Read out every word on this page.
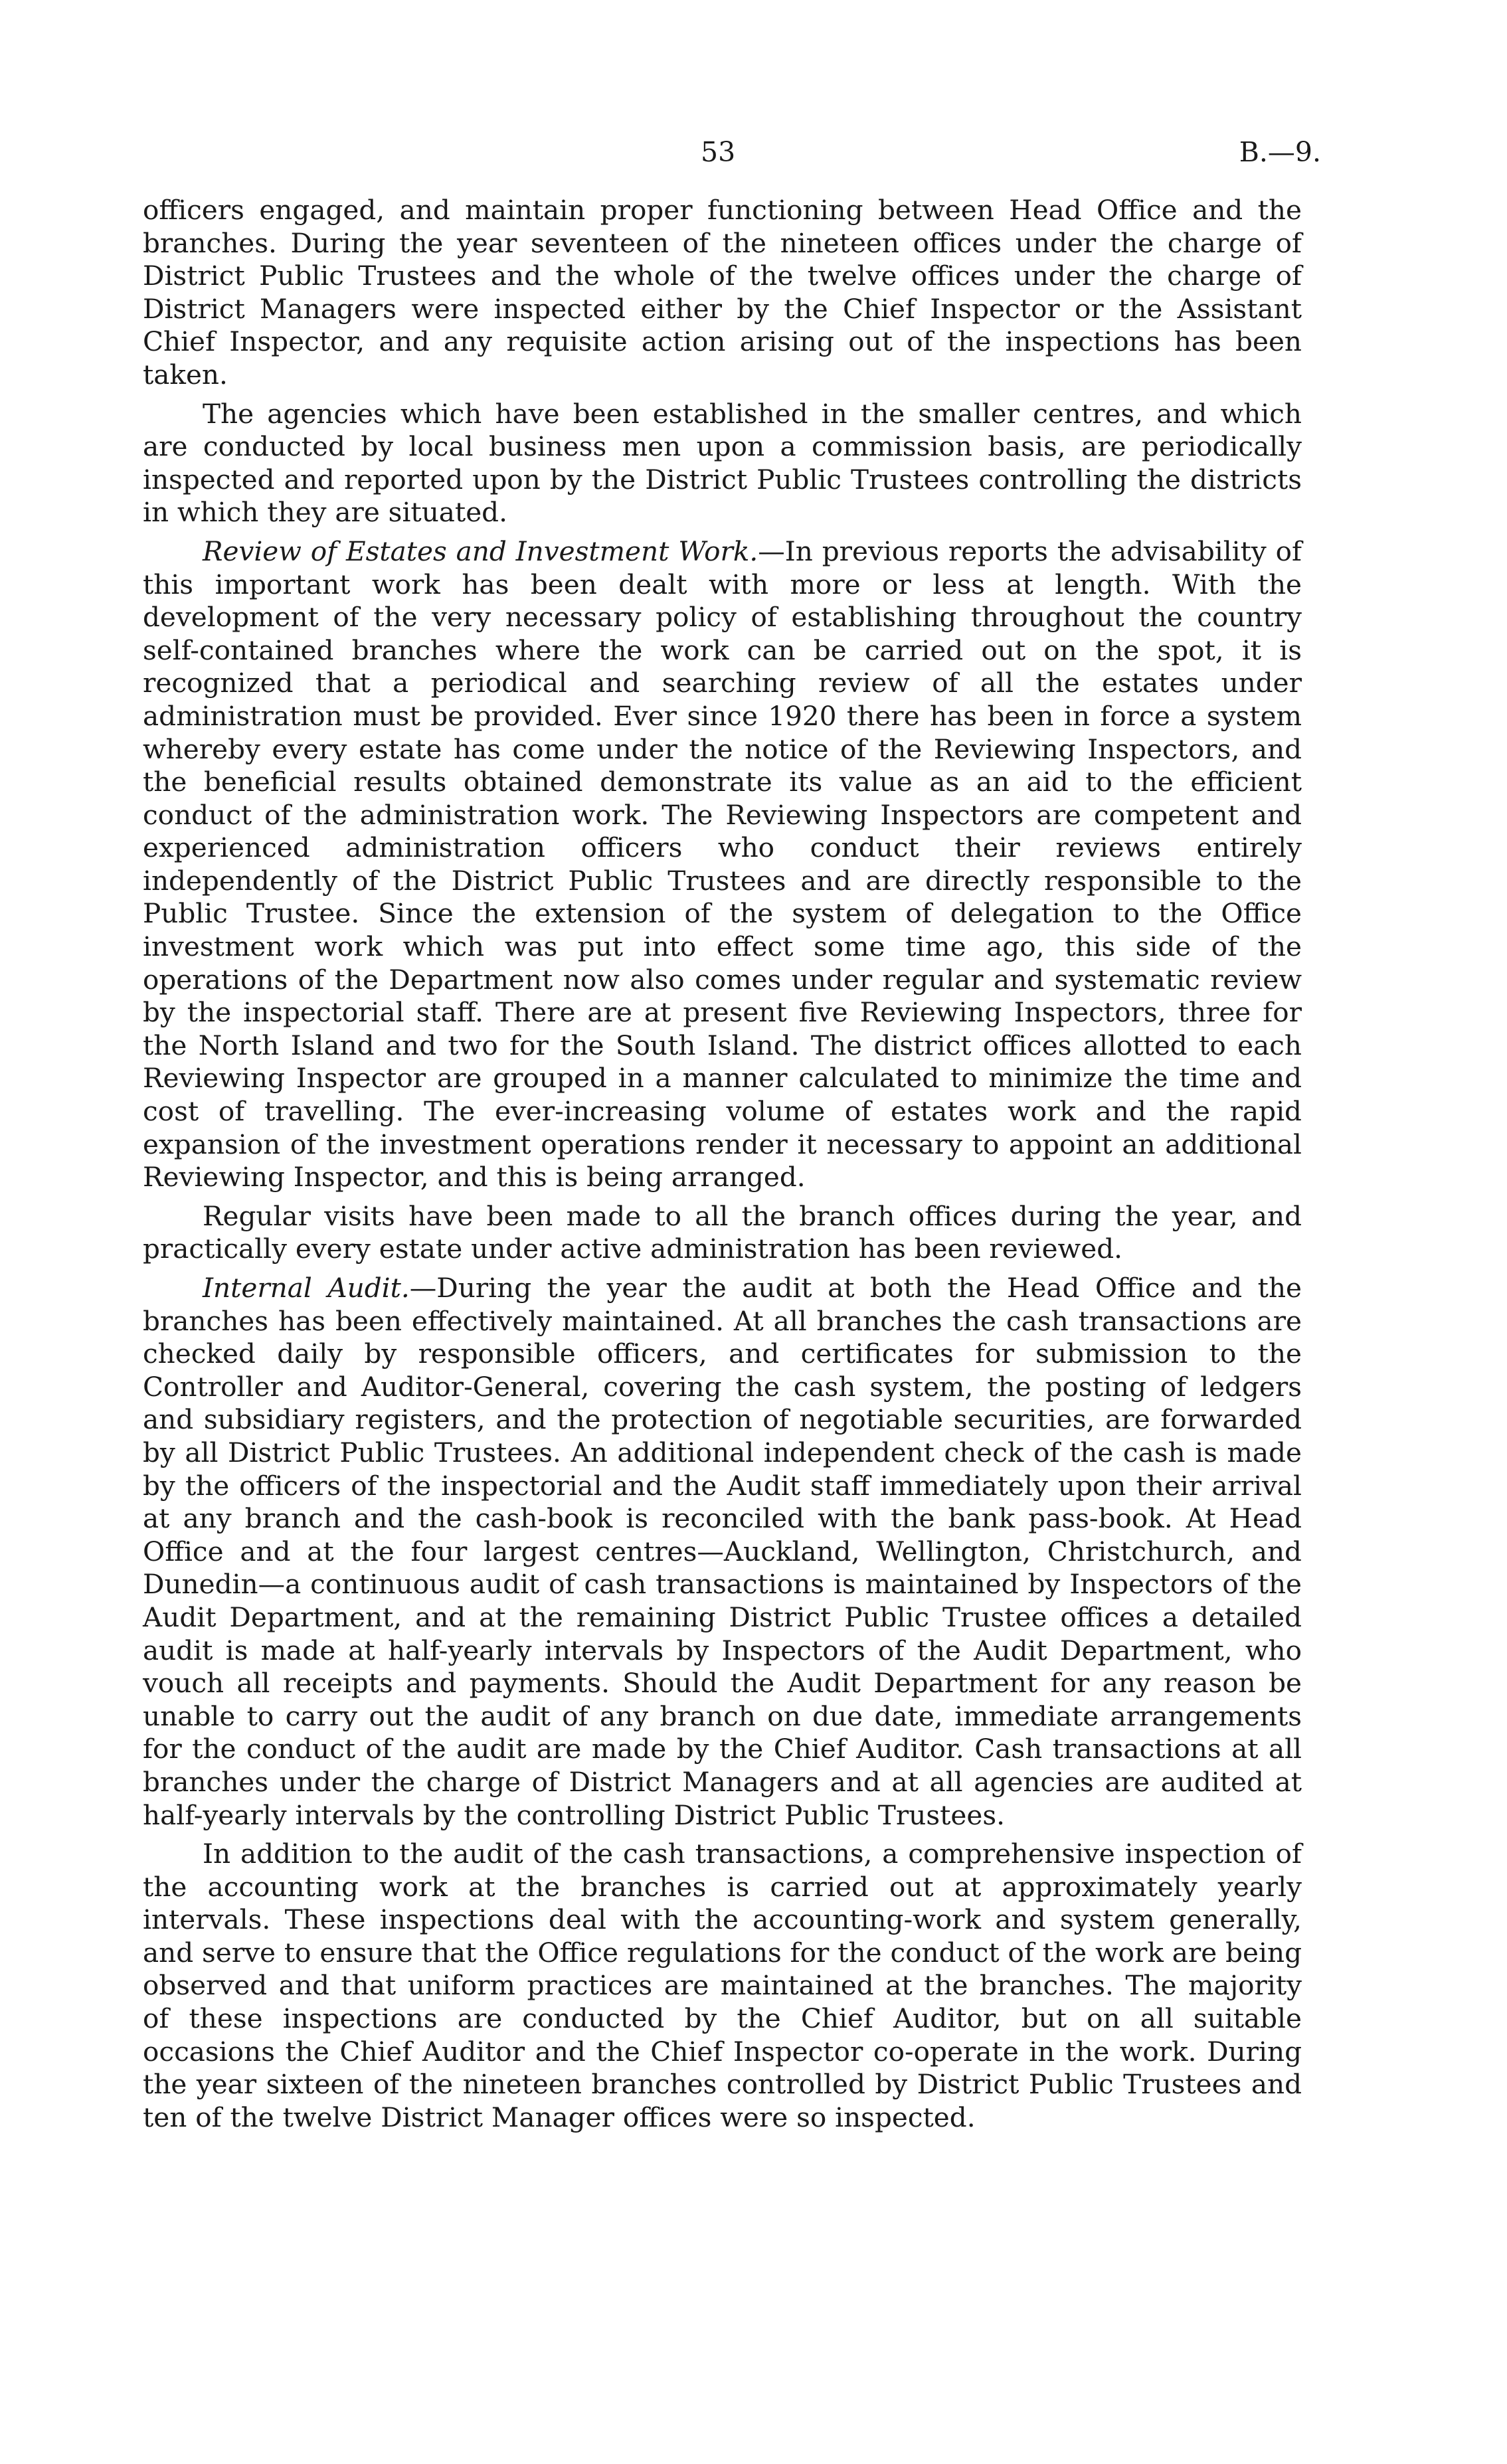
53	B.—9.

officers engaged, and maintain proper functioning between Head Office and the branches. During the year seventeen of the nineteen offices under the charge of District Public Trustees and the whole of the twelve offices under the charge of District Managers were inspected either by the Chief Inspector or the Assistant Chief Inspector, and any requisite action arising out of the inspections has been taken.

The agencies which have been established in the smaller centres, and which are conducted by local business men upon a commission basis, are periodically inspected and reported upon by the District Public Trustees controlling the districts in which they are situated.

Review of Estates and Investment Work.—In previous reports the advisability of this important work has been dealt with more or less at length. With the development of the very necessary policy of establishing throughout the country self-contained branches where the work can be carried out on the spot, it is recognized that a periodical and searching review of all the estates under administration must be provided. Ever since 1920 there has been in force a system whereby every estate has come under the notice of the Reviewing Inspectors, and the beneficial results obtained demonstrate its value as an aid to the efficient conduct of the administration work. The Reviewing Inspectors are competent and experienced administration officers who conduct their reviews entirely independently of the District Public Trustees and are directly responsible to the Public Trustee. Since the extension of the system of delegation to the Office investment work which was put into effect some time ago, this side of the operations of the Department now also comes under regular and systematic review by the inspectorial staff. There are at present five Reviewing Inspectors, three for the North Island and two for the South Island. The district offices allotted to each Reviewing Inspector are grouped in a manner calculated to minimize the time and cost of travelling. The ever-increasing volume of estates work and the rapid expansion of the investment operations render it necessary to appoint an additional Reviewing Inspector, and this is being arranged.

Regular visits have been made to all the branch offices during the year, and practically every estate under active administration has been reviewed.

Internal Audit.—During the year the audit at both the Head Office and the branches has been effectively maintained. At all branches the cash transactions are checked daily by responsible officers, and certificates for submission to the Controller and Auditor-General, covering the cash system, the posting of ledgers and subsidiary registers, and the protection of negotiable securities, are forwarded by all District Public Trustees. An additional independent check of the cash is made by the officers of the inspectorial and the Audit staff immediately upon their arrival at any branch and the cash-book is reconciled with the bank pass-book. At Head Office and at the four largest centres—Auckland, Wellington, Christchurch, and Dunedin—a continuous audit of cash transactions is maintained by Inspectors of the Audit Department, and at the remaining District Public Trustee offices a detailed audit is made at half-yearly intervals by Inspectors of the Audit Department, who vouch all receipts and payments. Should the Audit Department for any reason be unable to carry out the audit of any branch on due date, immediate arrangements for the conduct of the audit are made by the Chief Auditor. Cash transactions at all branches under the charge of District Managers and at all agencies are audited at half-yearly intervals by the controlling District Public Trustees.

In addition to the audit of the cash transactions, a comprehensive inspection of the accounting work at the branches is carried out at approximately yearly intervals. These inspections deal with the accounting-work and system generally, and serve to ensure that the Office regulations for the conduct of the work are being observed and that uniform practices are maintained at the branches. The majority of these inspections are conducted by the Chief Auditor, but on all suitable occasions the Chief Auditor and the Chief Inspector co-operate in the work. During the year sixteen of the nineteen branches controlled by District Public Trustees and ten of the twelve District Manager offices were so inspected.
